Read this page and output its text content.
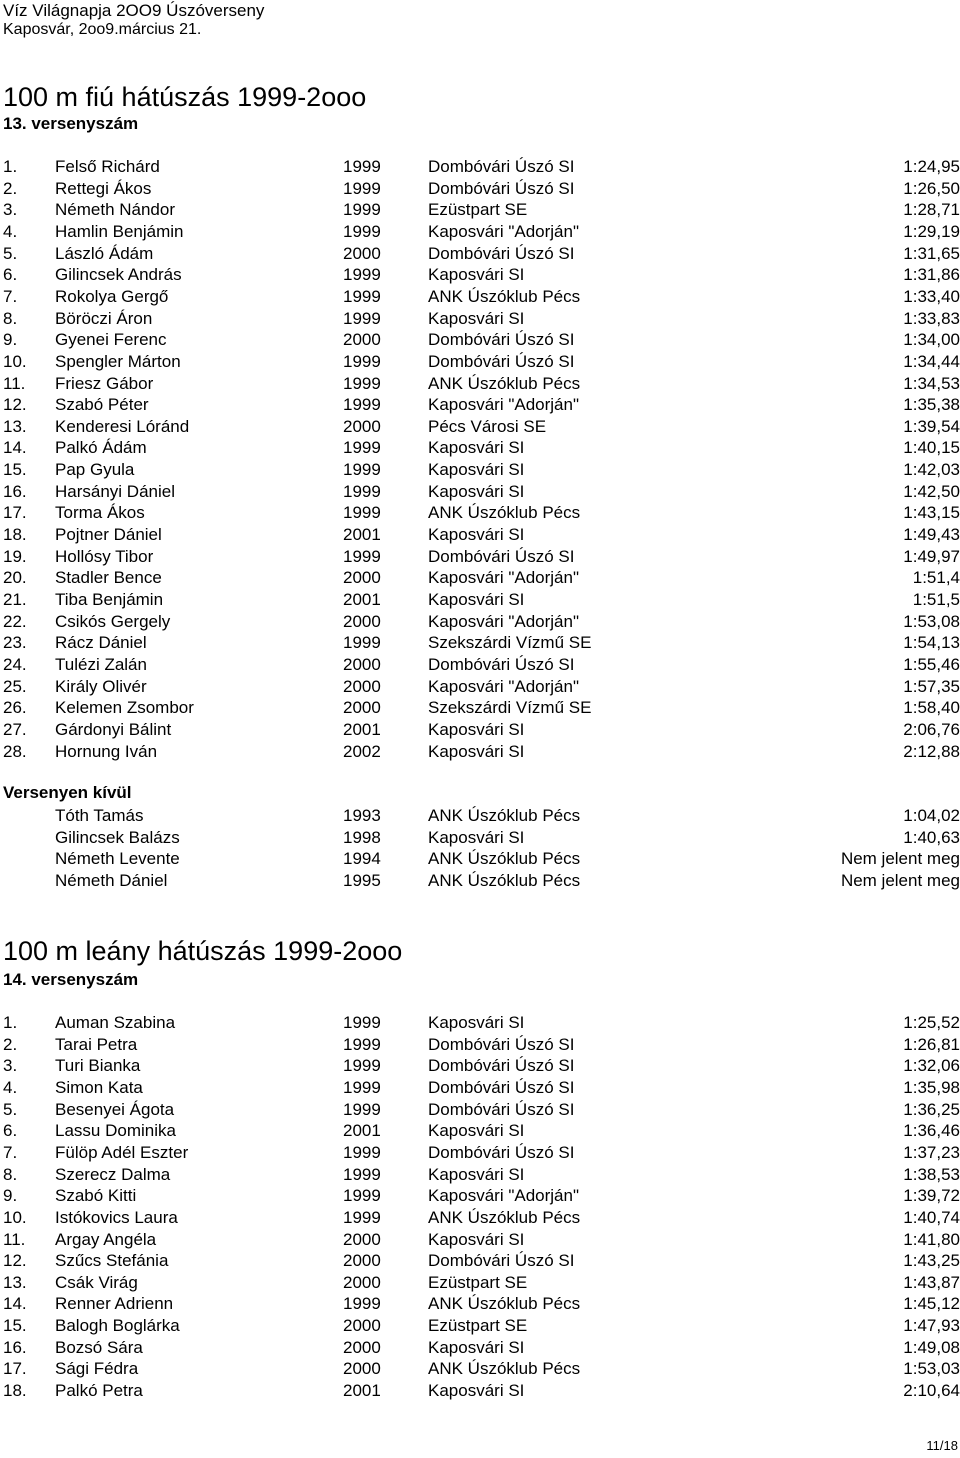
Víz Világnapja 2OO9 Úszóverseny
Kaposvár, 2oo9.március 21.
100 m fiú hátúszás 1999-2ooo
13. versenyszám
1. Felső Richárd	1999	Dombóvári Úszó SI	1:24,95
2. Rettegi Ákos	1999	Dombóvári Úszó SI	1:26,50
3. Németh Nándor	1999	Ezüstpart SE	1:28,71
4. Hamlin Benjámin	1999	Kaposvári "Adorján"	1:29,19
5. László Ádám	2000	Dombóvári Úszó SI	1:31,65
6. Gilincsek András	1999	Kaposvári SI	1:31,86
7. Rokolya Gergő	1999	ANK Úszóklub Pécs	1:33,40
8. Böröczi Áron	1999	Kaposvári SI	1:33,83
9. Gyenei Ferenc	2000	Dombóvári Úszó SI	1:34,00
10. Spengler Márton	1999	Dombóvári Úszó SI	1:34,44
11. Friesz Gábor	1999	ANK Úszóklub Pécs	1:34,53
12. Szabó Péter	1999	Kaposvári "Adorján"	1:35,38
13. Kenderesi Lóránd	2000	Pécs Városi SE	1:39,54
14. Palkó Ádám	1999	Kaposvári SI	1:40,15
15. Pap Gyula	1999	Kaposvári SI	1:42,03
16. Harsányi Dániel	1999	Kaposvári SI	1:42,50
17. Torma Ákos	1999	ANK Úszóklub Pécs	1:43,15
18. Pojtner Dániel	2001	Kaposvári SI	1:49,43
19. Hollósy Tibor	1999	Dombóvári Úszó SI	1:49,97
20. Stadler Bence	2000	Kaposvári "Adorján"	1:51,4
21. Tiba Benjámin	2001	Kaposvári SI	1:51,5
22. Csikós Gergely	2000	Kaposvári "Adorján"	1:53,08
23. Rácz Dániel	1999	Szekszárdi Vízmű SE	1:54,13
24. Tulézi Zalán	2000	Dombóvári Úszó SI	1:55,46
25. Király Olivér	2000	Kaposvári "Adorján"	1:57,35
26. Kelemen Zsombor	2000	Szekszárdi Vízmű SE	1:58,40
27. Gárdonyi Bálint	2001	Kaposvári SI	2:06,76
28. Hornung Iván	2002	Kaposvári SI	2:12,88
Versenyen kívül
Tóth Tamás	1993	ANK Úszóklub Pécs	1:04,02
Gilincsek Balázs	1998	Kaposvári SI	1:40,63
Németh Levente	1994	ANK Úszóklub Pécs	Nem jelent meg
Németh Dániel	1995	ANK Úszóklub Pécs	Nem jelent meg
100 m leány hátúszás 1999-2ooo
14. versenyszám
1. Auman Szabina	1999	Kaposvári SI	1:25,52
2. Tarai Petra	1999	Dombóvári Úszó SI	1:26,81
3. Turi Bianka	1999	Dombóvári Úszó SI	1:32,06
4. Simon Kata	1999	Dombóvári Úszó SI	1:35,98
5. Besenyei Ágota	1999	Dombóvári Úszó SI	1:36,25
6. Lassu Dominika	2001	Kaposvári SI	1:36,46
7. Fülöp Adél Eszter	1999	Dombóvári Úszó SI	1:37,23
8. Szerecz Dalma	1999	Kaposvári SI	1:38,53
9. Szabó Kitti	1999	Kaposvári "Adorján"	1:39,72
10. Istókovics Laura	1999	ANK Úszóklub Pécs	1:40,74
11. Argay Angéla	2000	Kaposvári SI	1:41,80
12. Szűcs Stefánia	2000	Dombóvári Úszó SI	1:43,25
13. Csák Virág	2000	Ezüstpart SE	1:43,87
14. Renner Adrienn	1999	ANK Úszóklub Pécs	1:45,12
15. Balogh Boglárka	2000	Ezüstpart SE	1:47,93
16. Bozsó Sára	2000	Kaposvári SI	1:49,08
17. Sági Fédra	2000	ANK Úszóklub Pécs	1:53,03
18. Palkó Petra	2001	Kaposvári SI	2:10,64
11/18
